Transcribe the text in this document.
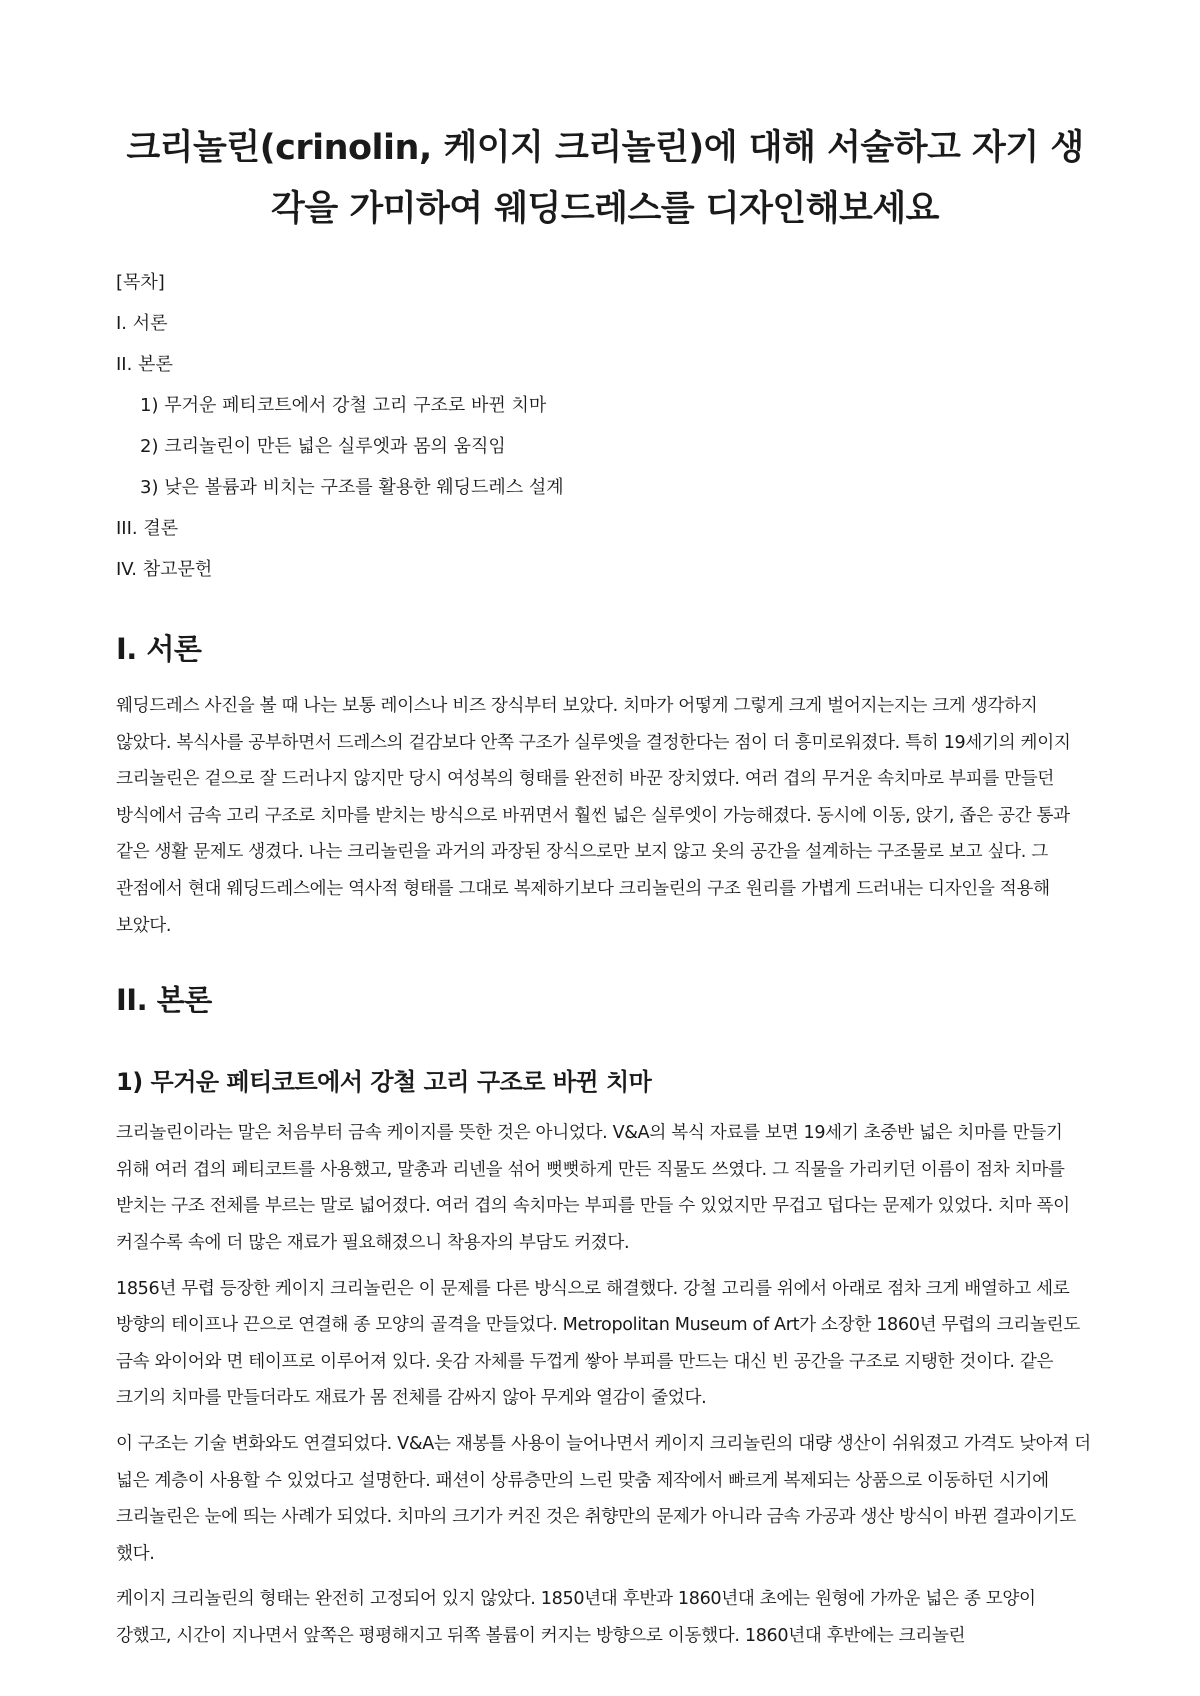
크리놀린(crinolin, 케이지 크리놀린)에 대해 서술하고 자기 생각을 가미하여 웨딩드레스를 디자인해보세요
[목차]
I. 서론
II. 본론
1) 무거운 페티코트에서 강철 고리 구조로 바뀐 치마
2) 크리놀린이 만든 넓은 실루엣과 몸의 움직임
3) 낮은 볼륨과 비치는 구조를 활용한 웨딩드레스 설계
III. 결론
IV. 참고문헌
I. 서론

웨딩드레스 사진을 볼 때 나는 보통 레이스나 비즈 장식부터 보았다. 치마가 어떻게 그렇게 크게 벌어지는지는 크게 생각하지 않았다. 복식사를 공부하면서 드레스의 겉감보다 안쪽 구조가 실루엣을 결정한다는 점이 더 흥미로워졌다. 특히 19세기의 케이지 크리놀린은 겉으로 잘 드러나지 않지만 당시 여성복의 형태를 완전히 바꾼 장치였다. 여러 겹의 무거운 속치마로 부피를 만들던 방식에서 금속 고리 구조로 치마를 받치는 방식으로 바뀌면서 훨씬 넓은 실루엣이 가능해졌다. 동시에 이동, 앉기, 좁은 공간 통과 같은 생활 문제도 생겼다. 나는 크리놀린을 과거의 과장된 장식으로만 보지 않고 옷의 공간을 설계하는 구조물로 보고 싶다. 그 관점에서 현대 웨딩드레스에는 역사적 형태를 그대로 복제하기보다 크리놀린의 구조 원리를 가볍게 드러내는 디자인을 적용해 보았다.

II. 본론
1) 무거운 페티코트에서 강철 고리 구조로 바뀐 치마

크리놀린이라는 말은 처음부터 금속 케이지를 뜻한 것은 아니었다. V&A의 복식 자료를 보면 19세기 초중반 넓은 치마를 만들기 위해 여러 겹의 페티코트를 사용했고, 말총과 리넨을 섞어 뻣뻣하게 만든 직물도 쓰였다. 그 직물을 가리키던 이름이 점차 치마를 받치는 구조 전체를 부르는 말로 넓어졌다. 여러 겹의 속치마는 부피를 만들 수 있었지만 무겁고 덥다는 문제가 있었다. 치마 폭이 커질수록 속에 더 많은 재료가 필요해졌으니 착용자의 부담도 커졌다.

1856년 무렵 등장한 케이지 크리놀린은 이 문제를 다른 방식으로 해결했다. 강철 고리를 위에서 아래로 점차 크게 배열하고 세로 방향의 테이프나 끈으로 연결해 종 모양의 골격을 만들었다. Metropolitan Museum of Art가 소장한 1860년 무렵의 크리놀린도 금속 와이어와 면 테이프로 이루어져 있다. 옷감 자체를 두껍게 쌓아 부피를 만드는 대신 빈 공간을 구조로 지탱한 것이다. 같은 크기의 치마를 만들더라도 재료가 몸 전체를 감싸지 않아 무게와 열감이 줄었다.

이 구조는 기술 변화와도 연결되었다. V&A는 재봉틀 사용이 늘어나면서 케이지 크리놀린의 대량 생산이 쉬워졌고 가격도 낮아져 더 넓은 계층이 사용할 수 있었다고 설명한다. 패션이 상류층만의 느린 맞춤 제작에서 빠르게 복제되는 상품으로 이동하던 시기에 크리놀린은 눈에 띄는 사례가 되었다. 치마의 크기가 커진 것은 취향만의 문제가 아니라 금속 가공과 생산 방식이 바뀐 결과이기도 했다.

케이지 크리놀린의 형태는 완전히 고정되어 있지 않았다. 1850년대 후반과 1860년대 초에는 원형에 가까운 넓은 종 모양이 강했고, 시간이 지나면서 앞쪽은 평평해지고 뒤쪽 볼륨이 커지는 방향으로 이동했다. 1860년대 후반에는 크리놀린
